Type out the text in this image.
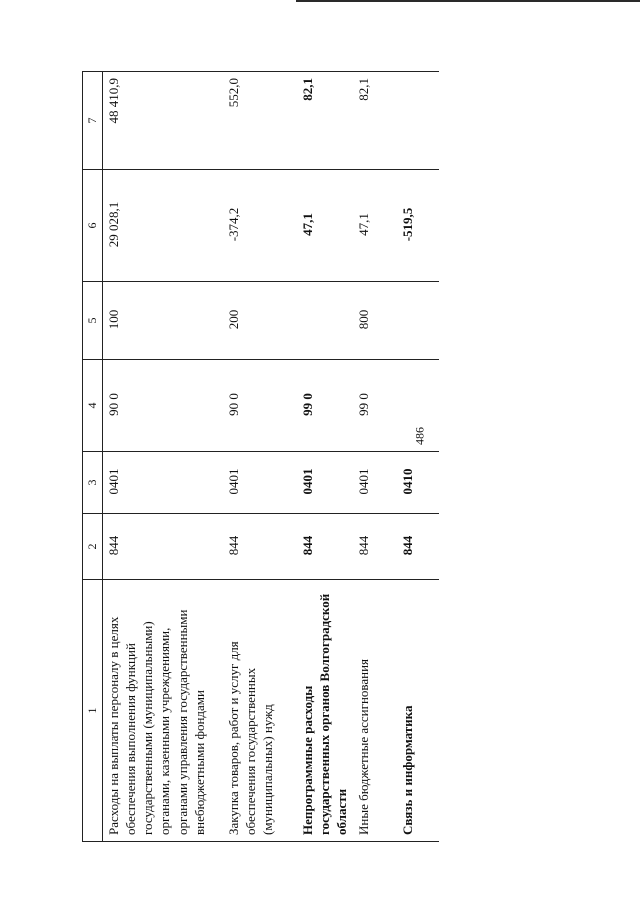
486
1	2	3	4	5	6	7
Расходы на выплаты персоналу в целях обеспечения выполнения функций государственными (муниципальными) органами, казенными учреждениями, органами управления государственными внебюджетными фондами	844	0401	90 0	100	29 028,1	48 410,9
Закупка товаров, работ и услуг для обеспечения государственных (муниципальных) нужд	844	0401	90 0	200	-374,2	552,0
Непрограммные расходы государственных органов Волгоградской области	844	0401	99 0		47,1	82,1
Иные бюджетные ассигнования	844	0401	99 0	800	47,1	82,1
Связь и информатика	844	0410			-519,5	
